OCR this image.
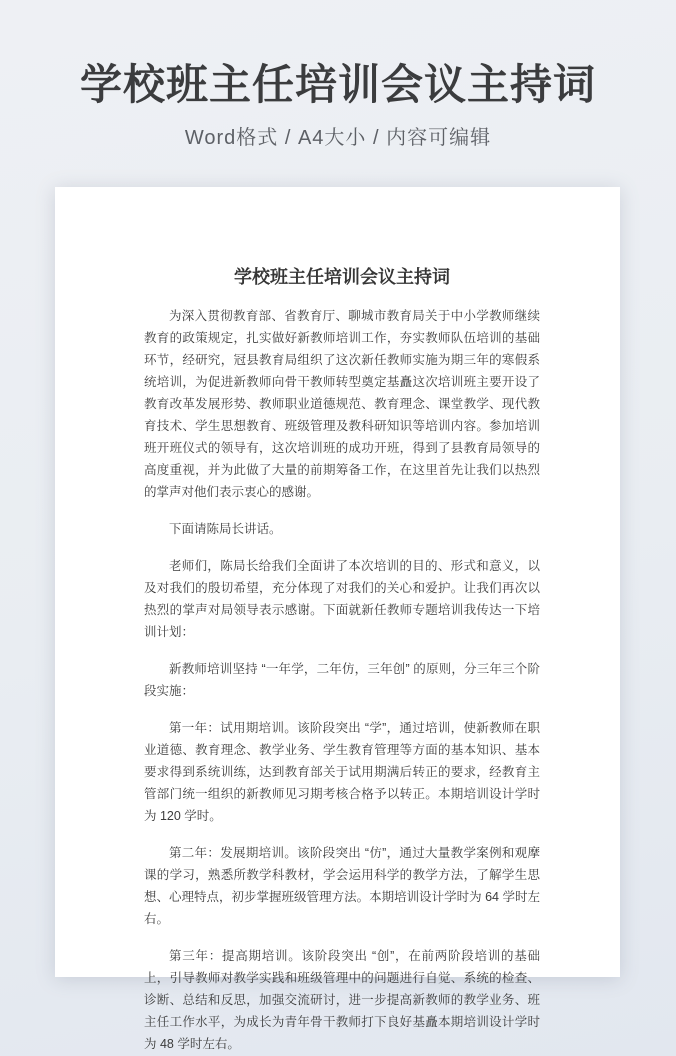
学校班主任培训会议主持词

Word格式 / A4大小 / 内容可编辑

学校班主任培训会议主持词

为深入贯彻教育部、省教育厅、聊城市教育局关于中小学教师继续教育的政策规定，扎实做好新教师培训工作，夯实教师队伍培训的基础环节，经研究，冠县教育局组织了这次新任教师实施为期三年的寒假系统培训，为促进新教师向骨干教师转型奠定基矗这次培训班主要开设了教育改革发展形势、教师职业道德规范、教育理念、课堂教学、现代教育技术、学生思想教育、班级管理及教科研知识等培训内容。参加培训班开班仪式的领导有，这次培训班的成功开班，得到了县教育局领导的高度重视，并为此做了大量的前期筹备工作，在这里首先让我们以热烈的掌声对他们表示衷心的感谢。

下面请陈局长讲话。

老师们，陈局长给我们全面讲了本次培训的目的、形式和意义，以及对我们的殷切希望，充分体现了对我们的关心和爱护。让我们再次以热烈的掌声对局领导表示感谢。下面就新任教师专题培训我传达一下培训计划：

新教师培训坚持 “一年学，二年仿，三年创” 的原则，分三年三个阶段实施：

第一年：试用期培训。该阶段突出 “学”，通过培训，使新教师在职业道德、教育理念、教学业务、学生教育管理等方面的基本知识、基本要求得到系统训练，达到教育部关于试用期满后转正的要求，经教育主管部门统一组织的新教师见习期考核合格予以转正。本期培训设计学时为 120 学时。

第二年：发展期培训。该阶段突出 “仿”，通过大量教学案例和观摩课的学习，熟悉所教学科教材，学会运用科学的教学方法，了解学生思想、心理特点，初步掌握班级管理方法。本期培训设计学时为 64 学时左右。

第三年：提高期培训。该阶段突出 “创”，在前两阶段培训的基础上，引导教师对教学实践和班级管理中的问题进行自觉、系统的检查、诊断、总结和反思，加强交流研讨，进一步提高新教师的教学业务、班主任工作水平，为成长为青年骨干教师打下良好基矗本期培训设计学时为 48 学时左右。
